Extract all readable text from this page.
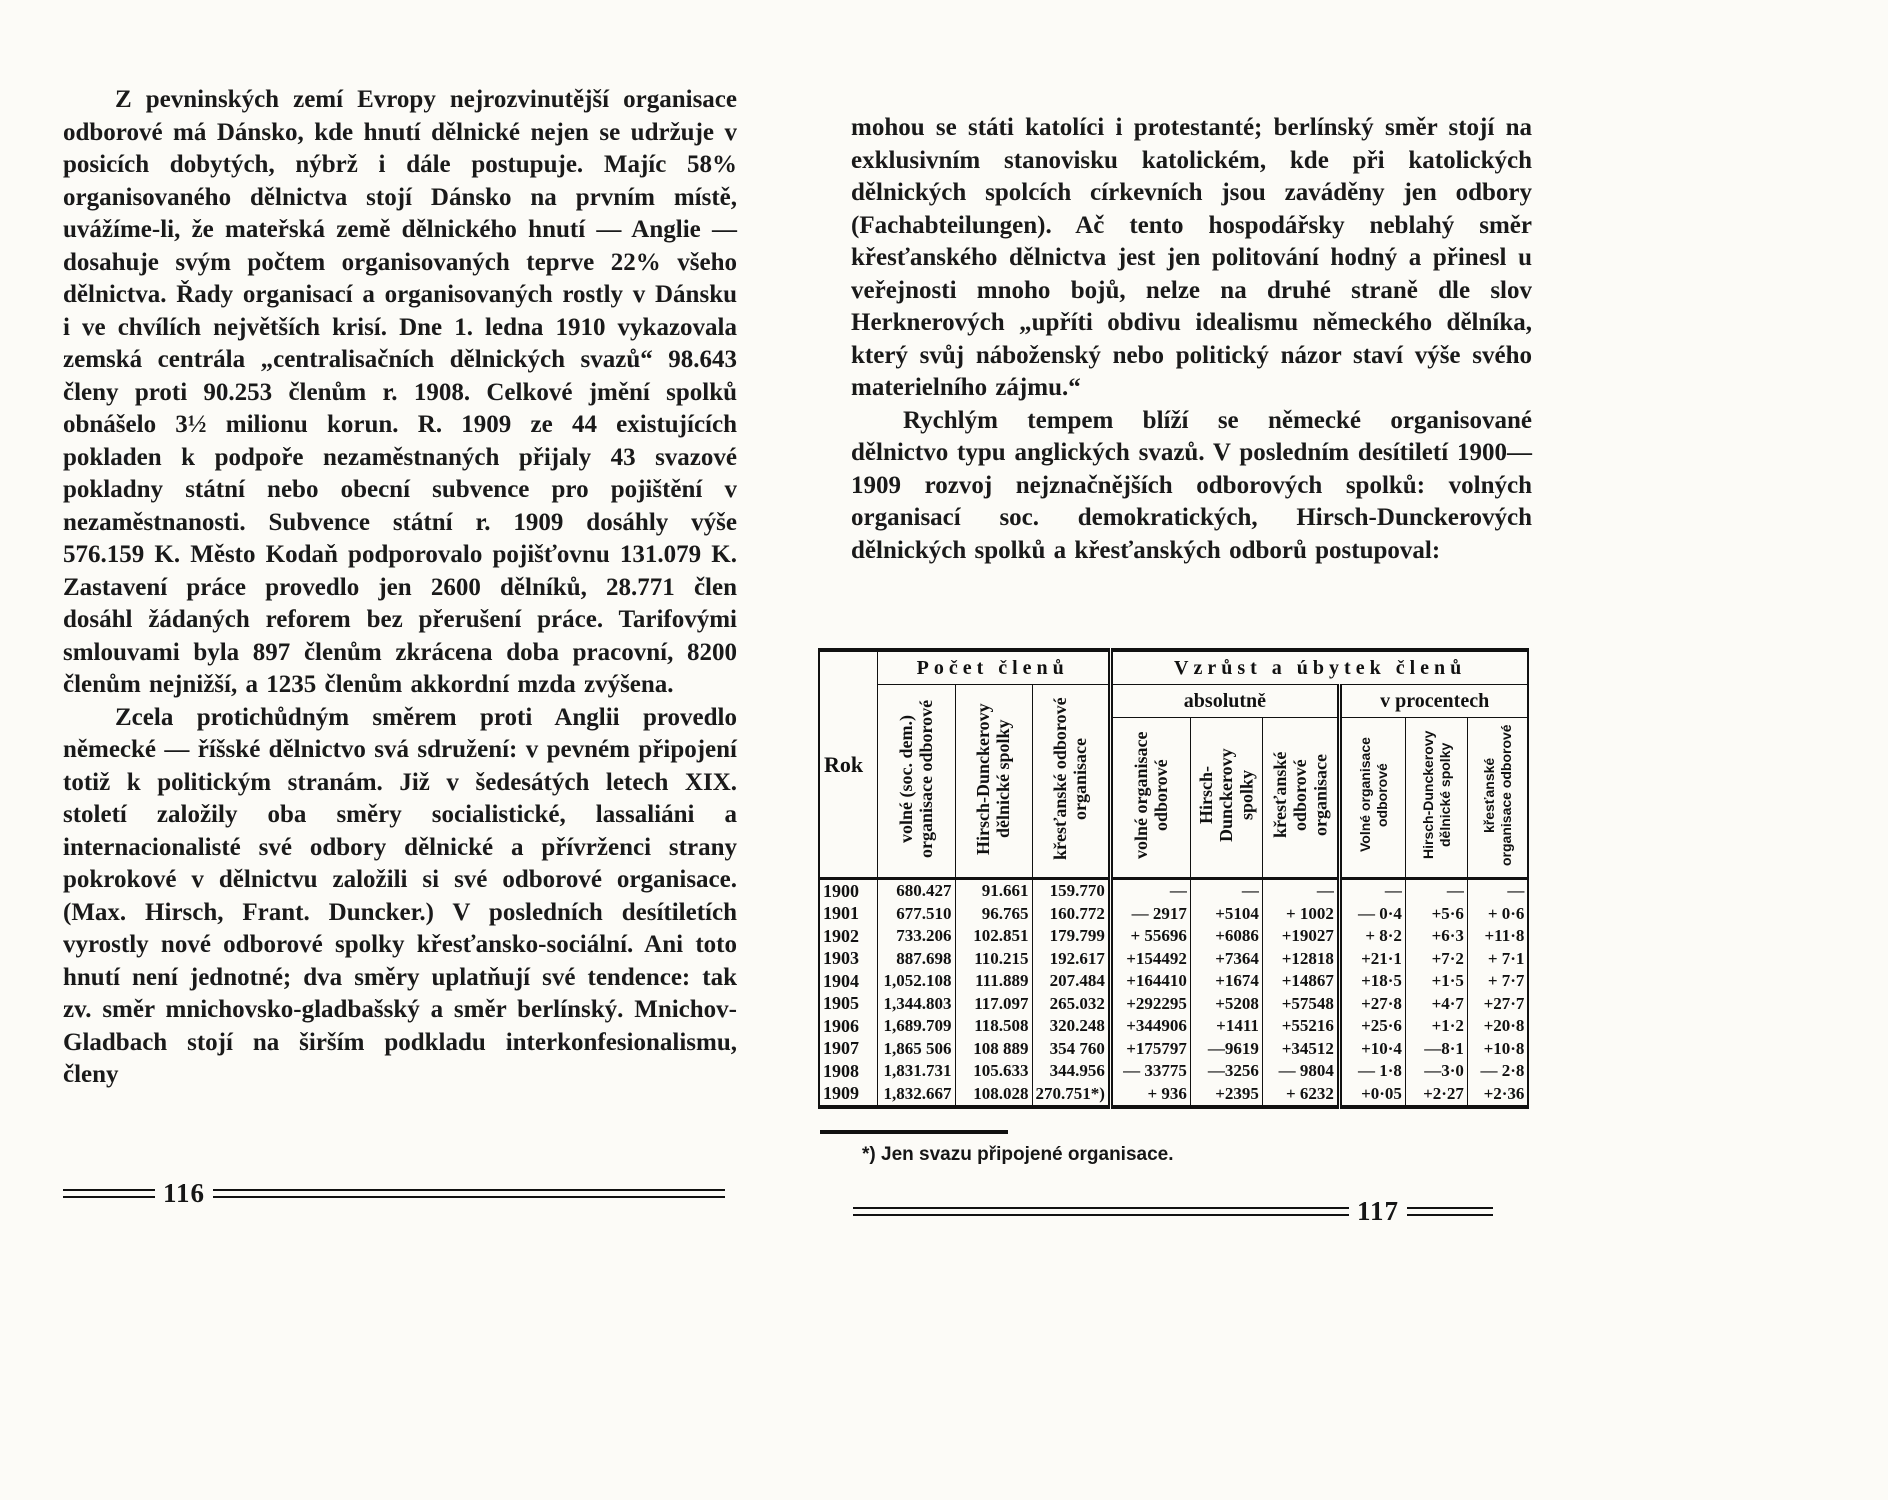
Z pevninských zemí Evropy nejrozvinutější organisace odborové má Dánsko, kde hnutí dělnické nejen se udržuje v posicích dobytých, nýbrž i dále postupuje. Majíc 58% organisovaného dělnictva stojí Dánsko na prvním místě, uvážíme-li, že mateřská země dělnického hnutí — Anglie — dosahuje svým počtem organisovaných teprve 22% všeho dělnictva. Řady organisací a organisovaných rostly v Dánsku i ve chvílích největších krisí. Dne 1. ledna 1910 vykazovala zemská centrála „centralisačních dělnických svazů“ 98.643 členy proti 90.253 členům r. 1908. Celkové jmění spolků obnášelo 3½ milionu korun. R. 1909 ze 44 existujících pokladen k podpoře nezaměstnaných přijaly 43 svazové pokladny státní nebo obecní subvence pro pojištění v nezaměstnanosti. Subvence státní r. 1909 dosáhly výše 576.159 K. Město Kodaň podporovalo pojišťovnu 131.079 K. Zastavení práce provedlo jen 2600 dělníků, 28.771 člen dosáhl žádaných reforem bez přerušení práce. Tarifovými smlouvami byla 897 členům zkrácena doba pracovní, 8200 členům nejnižší, a 1235 členům akkordní mzda zvýšena.

Zcela protichůdným směrem proti Anglii provedlo německé — říšské dělnictvo svá sdružení: v pevném připojení totiž k politickým stranám. Již v šedesátých letech XIX. století založily oba směry socialistické, lassaliáni a internacionalisté své odbory dělnické a přívrženci strany pokrokové v dělnictvu založili si své odborové organisace. (Max. Hirsch, Frant. Duncker.) V posledních desítiletích vyrostly nové odborové spolky křesťansko-sociální. Ani toto hnutí není jednotné; dva směry uplatňují své tendence: tak zv. směr mnichovsko-gladbašský a směr berlínský. Mnichov-Gladbach stojí na širším podkladu interkonfesionalismu, členy

mohou se státi katolíci i protestanté; berlínský směr stojí na exklusivním stanovisku katolickém, kde při katolických dělnických spolcích církevních jsou zaváděny jen odbory (Fachabteilungen). Ač tento hospodářsky neblahý směr křesťanského dělnictva jest jen politování hodný a přinesl u veřejnosti mnoho bojů, nelze na druhé straně dle slov Herknerových „upříti obdivu idealismu německého dělníka, který svůj náboženský nebo politický názor staví výše svého materielního zájmu.“

Rychlým tempem blíží se německé organisované dělnictvo typu anglických svazů. V posledním desítiletí 1900—1909 rozvoj nejznačnějších odborových spolků: volných organisací soc. demokratických, Hirsch-Dunckerových dělnických spolků a křesťanských odborů postupoval:

Rok	Počet členů			Vzrůst a úbytek členů					
	volné (soc. dem.) organisace odborové	Hirsch-Dunckerovy dělnické spolky	křesťanské odborové organisace	absolutně			v procentech		
				volné organisace odborové	Hirsch-Dunckerovy spolky	křesťanské odborové organisace	Volné organisace odborové	Hirsch-Dunckerovy dělnické spolky	křesťanské organisace odborové
1900	680.427	91.661	159.770	—	—	—	—	—	—
1901	677.510	96.765	160.772	— 2917	+5104	+ 1002	— 0·4	+5·6	+ 0·6
1902	733.206	102.851	179.799	+ 55696	+6086	+19027	+ 8·2	+6·3	+11·8
1903	887.698	110.215	192.617	+154492	+7364	+12818	+21·1	+7·2	+ 7·1
1904	1,052.108	111.889	207.484	+164410	+1674	+14867	+18·5	+1·5	+ 7·7
1905	1,344.803	117.097	265.032	+292295	+5208	+57548	+27·8	+4·7	+27·7
1906	1,689.709	118.508	320.248	+344906	+1411	+55216	+25·6	+1·2	+20·8
1907	1,865 506	108 889	354 760	+175797	—9619	+34512	+10·4	—8·1	+10·8
1908	1,831.731	105.633	344.956	— 33775	—3256	— 9804	— 1·8	—3·0	— 2·8
1909	1,832.667	108.028	270.751*)	+ 936	+2395	+ 6232	+0·05	+2·27	+2·36
*) Jen svazu připojené organisace.
116
117
